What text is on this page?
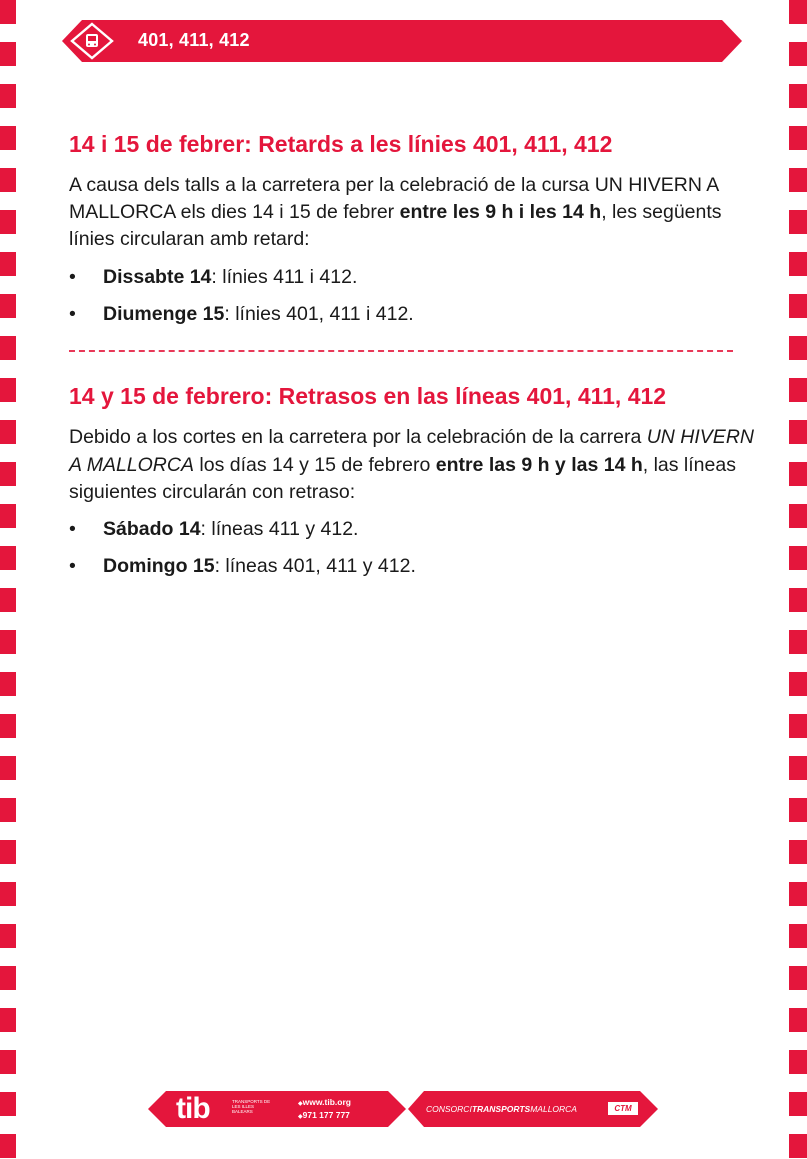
401, 411, 412
14 i 15 de febrer: Retards a les línies 401, 411, 412

A causa dels talls a la carretera per la celebració de la cursa UN HIVERN A MALLORCA els dies 14 i 15 de febrer entre les 9 h i les 14 h, les següents línies circularan amb retard:

• Dissabte 14: línies 411 i 412.
• Diumenge 15: línies 401, 411 i 412.
14 y 15 de febrero: Retrasos en las líneas 401, 411, 412

Debido a los cortes en la carretera por la celebración de la carrera UN HIVERN A MALLORCA los días 14 y 15 de febrero entre las 9 h y las 14 h, las líneas siguientes circularán con retraso:

• Sábado 14: líneas 411 y 412.
• Domingo 15: líneas 401, 411 y 412.
tib	TRANSPORTS DE LES ILLES BALEARS
◆ www.tib.org
◆ 971 177 777
CONSORCITRANSPORTSMALLORCA	CTM
